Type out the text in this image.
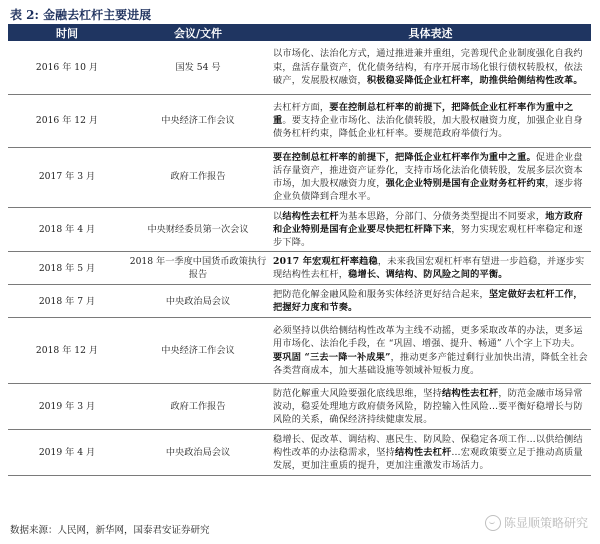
表 2: 金融去杠杆主要进展
时间	会议/文件	具体表述
2016 年 10 月	国发 54 号	以市场化、法治化方式，通过推进兼并重组，完善现代企业制度强化自我约束，盘活存量资产，优化债务结构，有序开展市场化银行债权转股权，依法破产，发展股权融资，积极稳妥降低企业杠杆率，助推供给侧结构性改革。
2016 年 12 月	中央经济工作会议	去杠杆方面，要在控制总杠杆率的前提下，把降低企业杠杆率作为重中之重。要支持企业市场化、法治化债转股，加大股权融资力度，加强企业自身债务杠杆约束，降低企业杠杆率。要规范政府举债行为。
2017 年 3 月	政府工作报告	要在控制总杠杆率的前提下，把降低企业杠杆率作为重中之重。促进企业盘活存量资产，推进资产证券化，支持市场化法治化债转股，发展多层次资本市场，加大股权融资力度，强化企业特别是国有企业财务杠杆约束，逐步将企业负债降到合理水平。
2018 年 4 月	中央财经委员第一次会议	以结构性去杠杆为基本思路，分部门、分债务类型提出不同要求，地方政府和企业特别是国有企业要尽快把杠杆降下来，努力实现宏观杠杆率稳定和逐步下降。
2018 年 5 月	2018 年一季度中国货币政策执行报告	2017 年宏观杠杆率趋稳，未来我国宏观杠杆率有望进一步趋稳，并逐步实现结构性去杠杆，稳增长、调结构、防风险之间的平衡。
2018 年 7 月	中央政治局会议	把防范化解金融风险和服务实体经济更好结合起来，坚定做好去杠杆工作，把握好力度和节奏。
2018 年 12 月	中央经济工作会议	必须坚持以供给侧结构性改革为主线不动摇，更多采取改革的办法，更多运用市场化、法治化手段，在 “巩固、增强、提升、畅通” 八个字上下功夫。要巩固 “三去一降一补成果”，推动更多产能过剩行业加快出清，降低全社会各类营商成本，加大基础设施等领域补短板力度。
2019 年 3 月	政府工作报告	防范化解重大风险要强化底线思维，坚持结构性去杠杆，防范金融市场异常波动，稳妥处理地方政府债务风险，防控输入性风险…要平衡好稳增长与防风险的关系，确保经济持续健康发展。
2019 年 4 月	中央政治局会议	稳增长、促改革、调结构、惠民生、防风险、保稳定各项工作…以供给侧结构性改革的办法稳需求，坚持结构性去杠杆…宏观政策要立足于推动高质量发展，更加注重质的提升，更加注重激发市场活力。
数据来源：人民网，新华网，国泰君安证券研究
陈显顺策略研究
